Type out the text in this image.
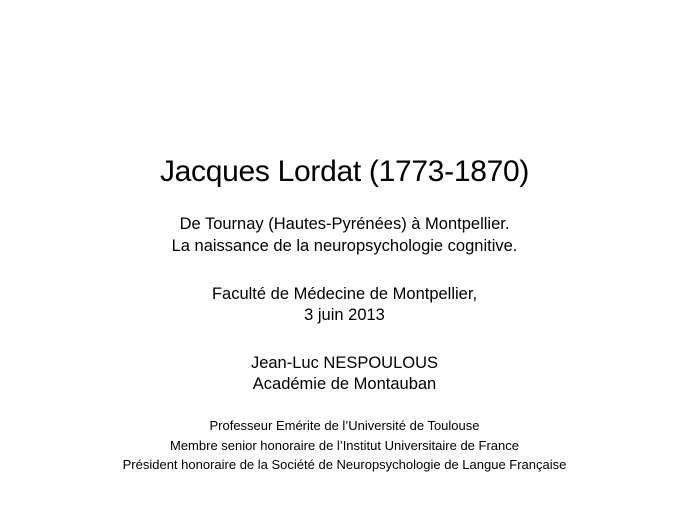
Jacques Lordat (1773-1870)
De Tournay (Hautes-Pyrénées) à Montpellier.
La naissance de la neuropsychologie cognitive.
Faculté de Médecine de Montpellier,
3 juin 2013
Jean-Luc NESPOULOUS
Académie de Montauban
Professeur Emérite de l’Université de Toulouse
Membre senior honoraire de l’Institut Universitaire de France
Président honoraire de la Société de Neuropsychologie de Langue Française
